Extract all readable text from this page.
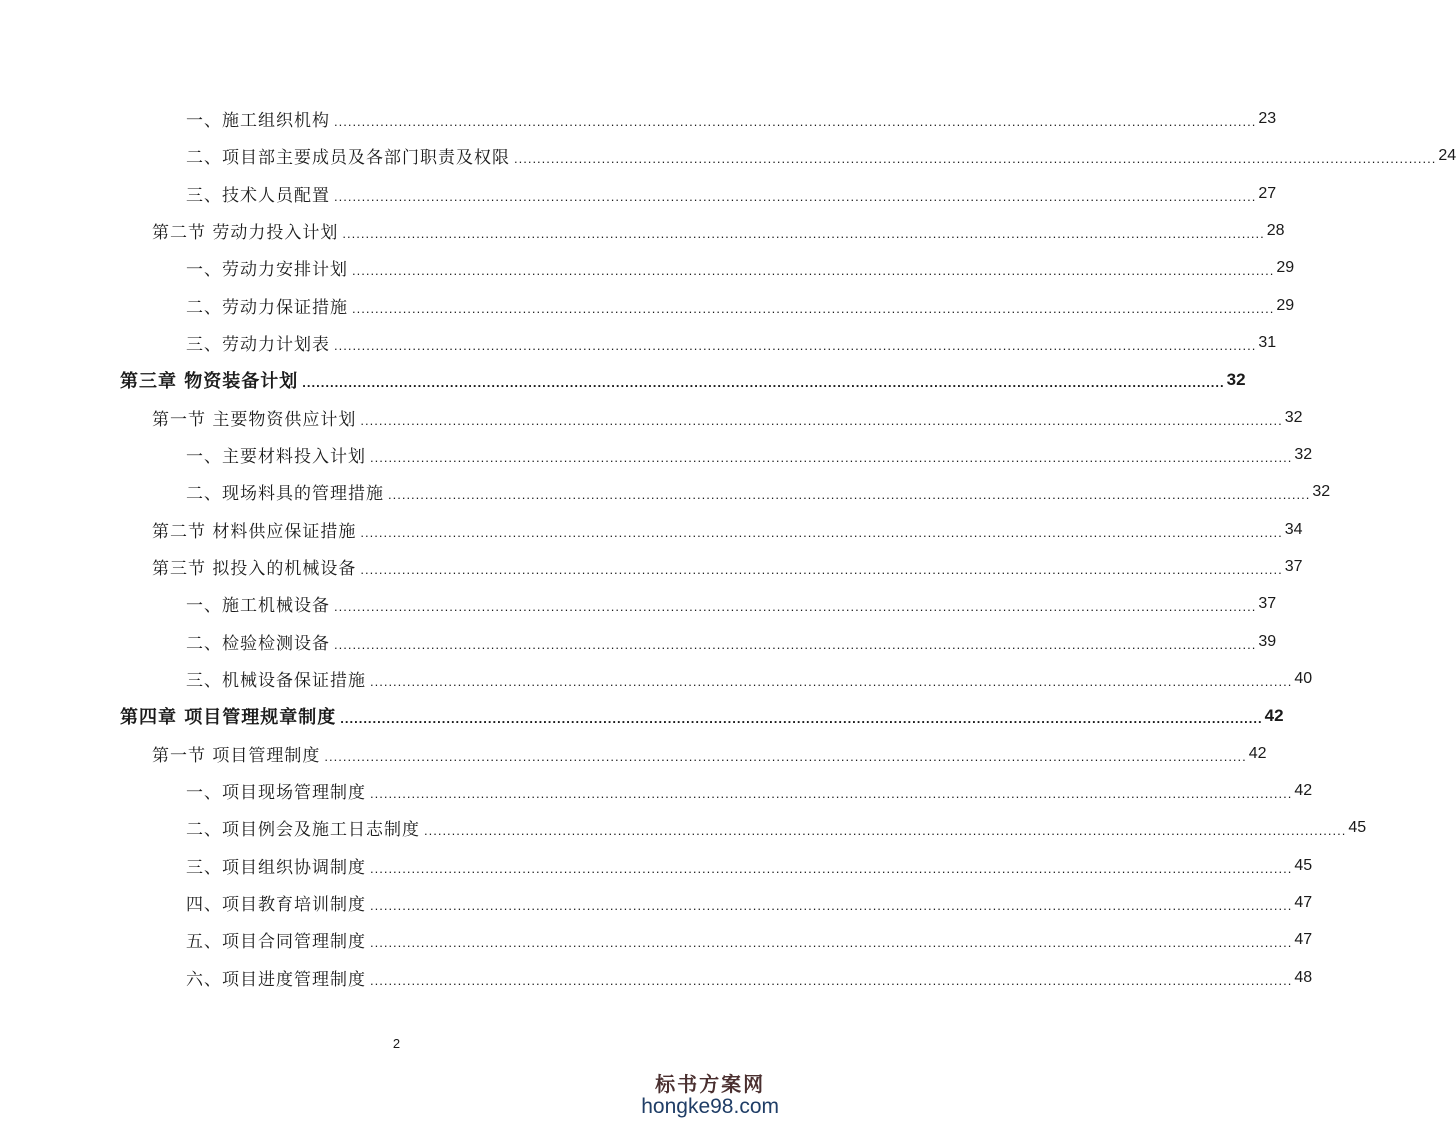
一、施工组织机构 ........................................................................................................................................................................................................ 23
二、项目部主要成员及各部门职责及权限 ........................................................................................................................................................................................................ 24
三、技术人员配置 ........................................................................................................................................................................................................ 27
第二节 劳动力投入计划 ........................................................................................................................................................................................................ 28
一、劳动力安排计划 ........................................................................................................................................................................................................ 29
二、劳动力保证措施 ........................................................................................................................................................................................................ 29
三、劳动力计划表 ........................................................................................................................................................................................................ 31
第三章 物资装备计划 ........................................................................................................................................................................................................ 32
第一节 主要物资供应计划 ........................................................................................................................................................................................................ 32
一、主要材料投入计划 ........................................................................................................................................................................................................ 32
二、现场料具的管理措施 ........................................................................................................................................................................................................ 32
第二节 材料供应保证措施 ........................................................................................................................................................................................................ 34
第三节 拟投入的机械设备 ........................................................................................................................................................................................................ 37
一、施工机械设备 ........................................................................................................................................................................................................ 37
二、检验检测设备 ........................................................................................................................................................................................................ 39
三、机械设备保证措施 ........................................................................................................................................................................................................ 40
第四章 项目管理规章制度 ........................................................................................................................................................................................................ 42
第一节 项目管理制度 ........................................................................................................................................................................................................ 42
一、项目现场管理制度 ........................................................................................................................................................................................................ 42
二、项目例会及施工日志制度 ........................................................................................................................................................................................................ 45
三、项目组织协调制度 ........................................................................................................................................................................................................ 45
四、项目教育培训制度 ........................................................................................................................................................................................................ 47
五、项目合同管理制度 ........................................................................................................................................................................................................ 47
六、项目进度管理制度 ........................................................................................................................................................................................................ 48
2
标书方案网
hongke98.com
